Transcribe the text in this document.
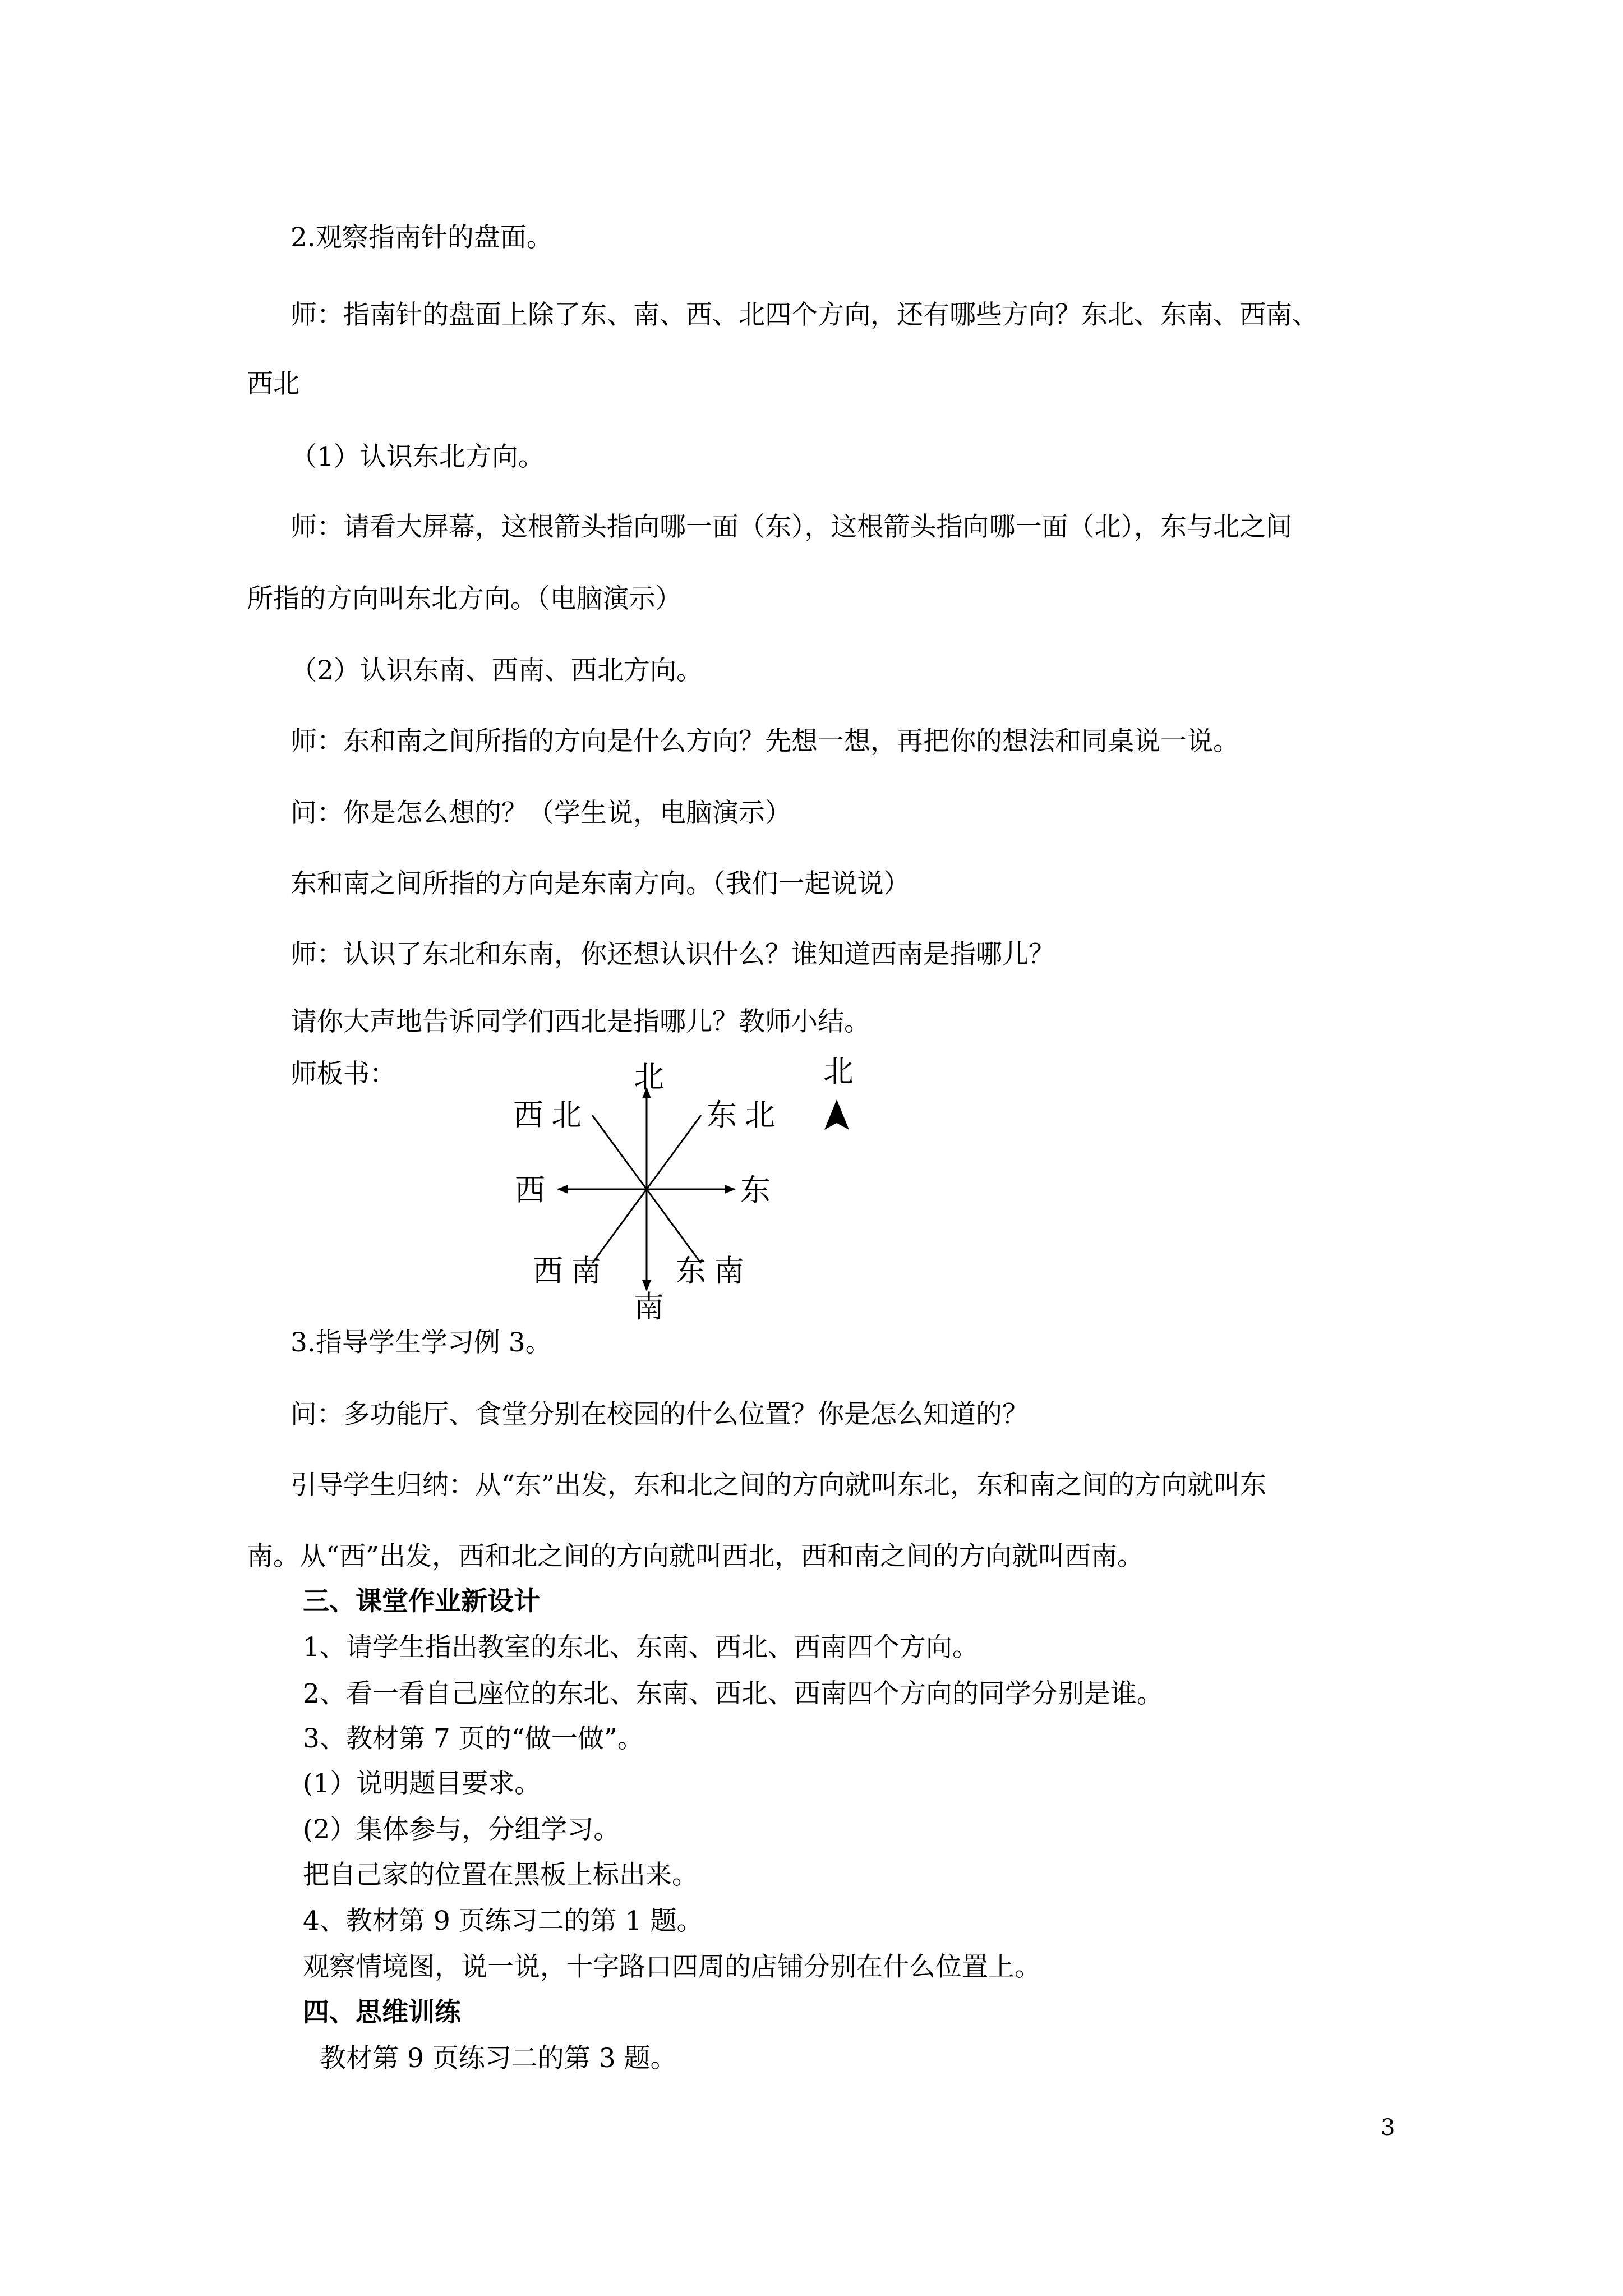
2.观察指南针的盘面。
师：指南针的盘面上除了东、南、西、北四个方向，还有哪些方向？东北、东南、西南、
西北
（1）认识东北方向。
师：请看大屏幕，这根箭头指向哪一面（东），这根箭头指向哪一面（北），东与北之间
所指的方向叫东北方向。（电脑演示）
（2）认识东南、西南、西北方向。
师：东和南之间所指的方向是什么方向？先想一想，再把你的想法和同桌说一说。
问：你是怎么想的？（学生说，电脑演示）
东和南之间所指的方向是东南方向。（我们一起说说）
师：认识了东北和东南，你还想认识什么？谁知道西南是指哪儿？
请你大声地告诉同学们西北是指哪儿？教师小结。
师板书：	北
南
东
西
东北
西北
东南
西南
北
3.指导学生学习例 3。
问：多功能厅、食堂分别在校园的什么位置？你是怎么知道的？
引导学生归纳：从“东”出发，东和北之间的方向就叫东北，东和南之间的方向就叫东
南。从“西”出发，西和北之间的方向就叫西北，西和南之间的方向就叫西南。
三、课堂作业新设计
1、请学生指出教室的东北、东南、西北、西南四个方向。
2、看一看自己座位的东北、东南、西北、西南四个方向的同学分别是谁。
3、教材第 7 页的“做一做”。
(1）说明题目要求。
(2）集体参与，分组学习。
把自己家的位置在黑板上标出来。
4、教材第 9 页练习二的第 1 题。
观察情境图，说一说，十字路口四周的店铺分别在什么位置上。
四、思维训练
教材第 9 页练习二的第 3 题。
3
